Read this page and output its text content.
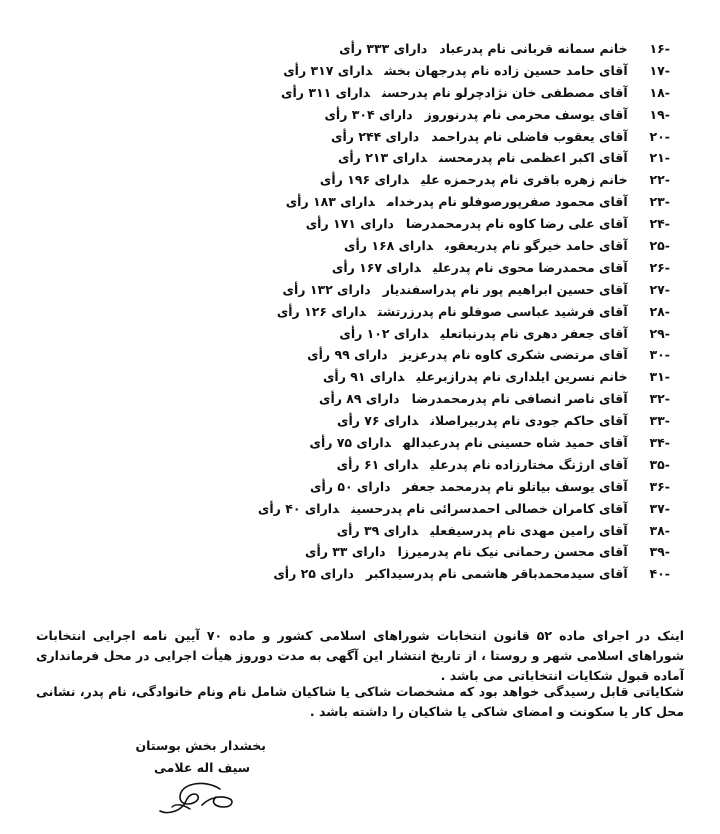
-۱۶ خانم سمانه قربانی نام پدرعباددارای ۳۳۳ رأی
-۱۷ آقای حامد حسین زاده نام پدرجهان بخشدارای ۳۱۷ رأی
-۱۸ آقای مصطفی خان نژادچرلو نام پدرحسندارای ۳۱۱ رأی
-۱۹ آقای یوسف محرمی نام پدرنوروزدارای ۳۰۴ رأی
-۲۰ آقای یعقوب فاضلی نام پدراحمددارای ۲۴۴ رأی
-۲۱ آقای اکبر اعظمی نام پدرمحسندارای ۲۱۳ رأی
-۲۲ خانم زهره باقری نام پدرحمزه علیدارای ۱۹۶ رأی
-۲۳ آقای محمود صفرپورصوفلو نام پدرخدامدارای ۱۸۳ رأی
-۲۴ آقای علی رضا کاوه نام پدرمحمدرضادارای ۱۷۱ رأی
-۲۵ آقای حامد خیرگو نام پدریعقوبدارای ۱۶۸ رأی
-۲۶ آقای محمدرضا محوی نام پدرعلیدارای ۱۶۷ رأی
-۲۷ آقای حسین ابراهیم پور نام پدراسفندیاردارای ۱۳۲ رأی
-۲۸ آقای فرشید عباسی صوفلو نام پدرزرتشتدارای ۱۲۶ رأی
-۲۹ آقای جعفر دهری نام پدرنباتعلیدارای ۱۰۲ رأی
-۳۰ آقای مرتضی شکری کاوه نام پدرعزیزدارای ۹۹ رأی
-۳۱ خانم نسرین ایلداری نام پدرازبرعلیدارای ۹۱ رأی
-۳۲ آقای ناصر انصافی نام پدرمحمدرضادارای ۸۹ رأی
-۳۳ آقای حاکم جودی نام پدربیراصلاندارای ۷۶ رأی
-۳۴ آقای حمید شاه حسینی نام پدرعبدالهدارای ۷۵ رأی
-۳۵ آقای ارژنگ مختارزاده نام پدرعلیدارای ۶۱ رأی
-۳۶ آقای یوسف بیاتلو نام پدرمحمد جعفردارای ۵۰ رأی
-۳۷ آقای کامران خصالی احمدسرائی نام پدرحسیندارای ۴۰ رأی
-۳۸ آقای رامین مهدی نام پدرسیفعلیدارای ۳۹ رأی
-۳۹ آقای محسن رحمانی نیک نام پدرمیرزادارای ۳۳ رأی
-۴۰ آقای سیدمحمدباقر هاشمی نام پدرسیداکبردارای ۲۵ رأی

اینک در اجرای ماده ۵۲ قانون انتخابات شوراهای اسلامی کشور و ماده ۷۰ آیین نامه اجرایی انتخابات شوراهای اسلامی شهر و روستا ، از تاریخ انتشار این آگهی به مدت دوروز هیأت اجرایی در محل فرمانداری آماده قبول شکایات انتخاباتی می باشد .

شکایاتی قابل رسیدگی خواهد بود که مشخصات شاکی یا شاکیان شامل نام ونام خانوادگی، نام پدر، نشانی محل کار یا سکونت و امضای شاکی یا شاکیان را داشته باشد .

بخشدار بخش بوستان
سیف اله علامی
